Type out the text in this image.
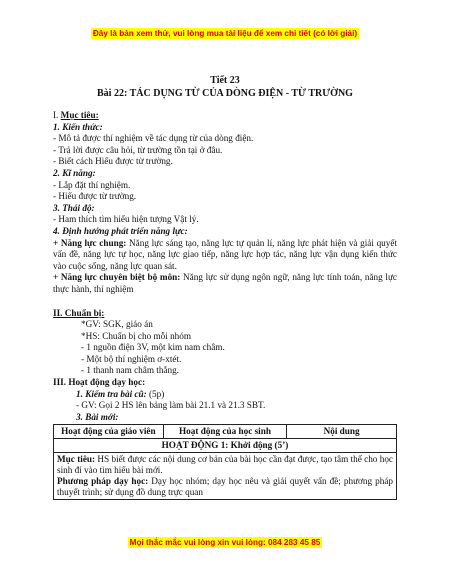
Đây là bản xem thử, vui lòng mua tài liệu để xem chi tiết (có lời giải)
Tiết 23
Bài 22: TÁC DỤNG TỪ CỦA DÒNG ĐIỆN - TỪ TRƯỜNG
I. Mục tiêu:
1. Kiến thức:
- Mô tả được thí nghiệm về tác dụng từ của dòng điện.
- Trả lời được câu hỏi, từ trường tồn tại ở đâu.
- Biết cách Hiểu được từ trường.
2. Kĩ năng:
- Lắp đặt thí nghiệm.
- Hiểu được từ trường.
3. Thái độ:
- Ham thích tìm hiểu hiện tượng Vật lý.
4. Định hướng phát triển năng lực:
+ Năng lực chung: Năng lực sáng tạo, năng lực tự quản lí, năng lực phát hiện và giải quyết vấn đề, năng lực tự học, năng lực giao tiếp, năng lực hợp tác, năng lực vận dụng kiến thức vào cuộc sống, năng lực quan sát.
+ Năng lực chuyên biệt bộ môn: Năng lực sử dụng ngôn ngữ, năng lực tính toán, năng lực thực hành, thí nghiệm
II. Chuẩn bị:
*GV: SGK, giáo án
*HS: Chuẩn bị cho mỗi nhóm
- 1 nguồn điện 3V, một kim nam châm.
- Một bộ thí nghiệm ơ-xtét.
- 1 thanh nam châm thẳng.
III. Hoạt động dạy học:
1. Kiểm tra bài cũ: (5p)
- GV: Gọi 2 HS lên bảng làm bài 21.1 và 21.3 SBT.
3. Bài mới:
Hoạt động của giáo viên	Hoạt động của học sinh	Nội dung
HOẠT ĐỘNG 1: Khởi động (5’)

Mục tiêu: HS biết được các nội dung cơ bản của bài học cần đạt được, tạo tâm thế cho học sinh đi vào tìm hiểu bài mới.
Phương pháp dạy học: Dạy học nhóm; dạy học nêu và giải quyết vấn đề; phương pháp thuyết trình; sử dụng đồ dung trực quan
Mọi thắc mắc vui lòng xin vui lòng: 084 283 45 85
